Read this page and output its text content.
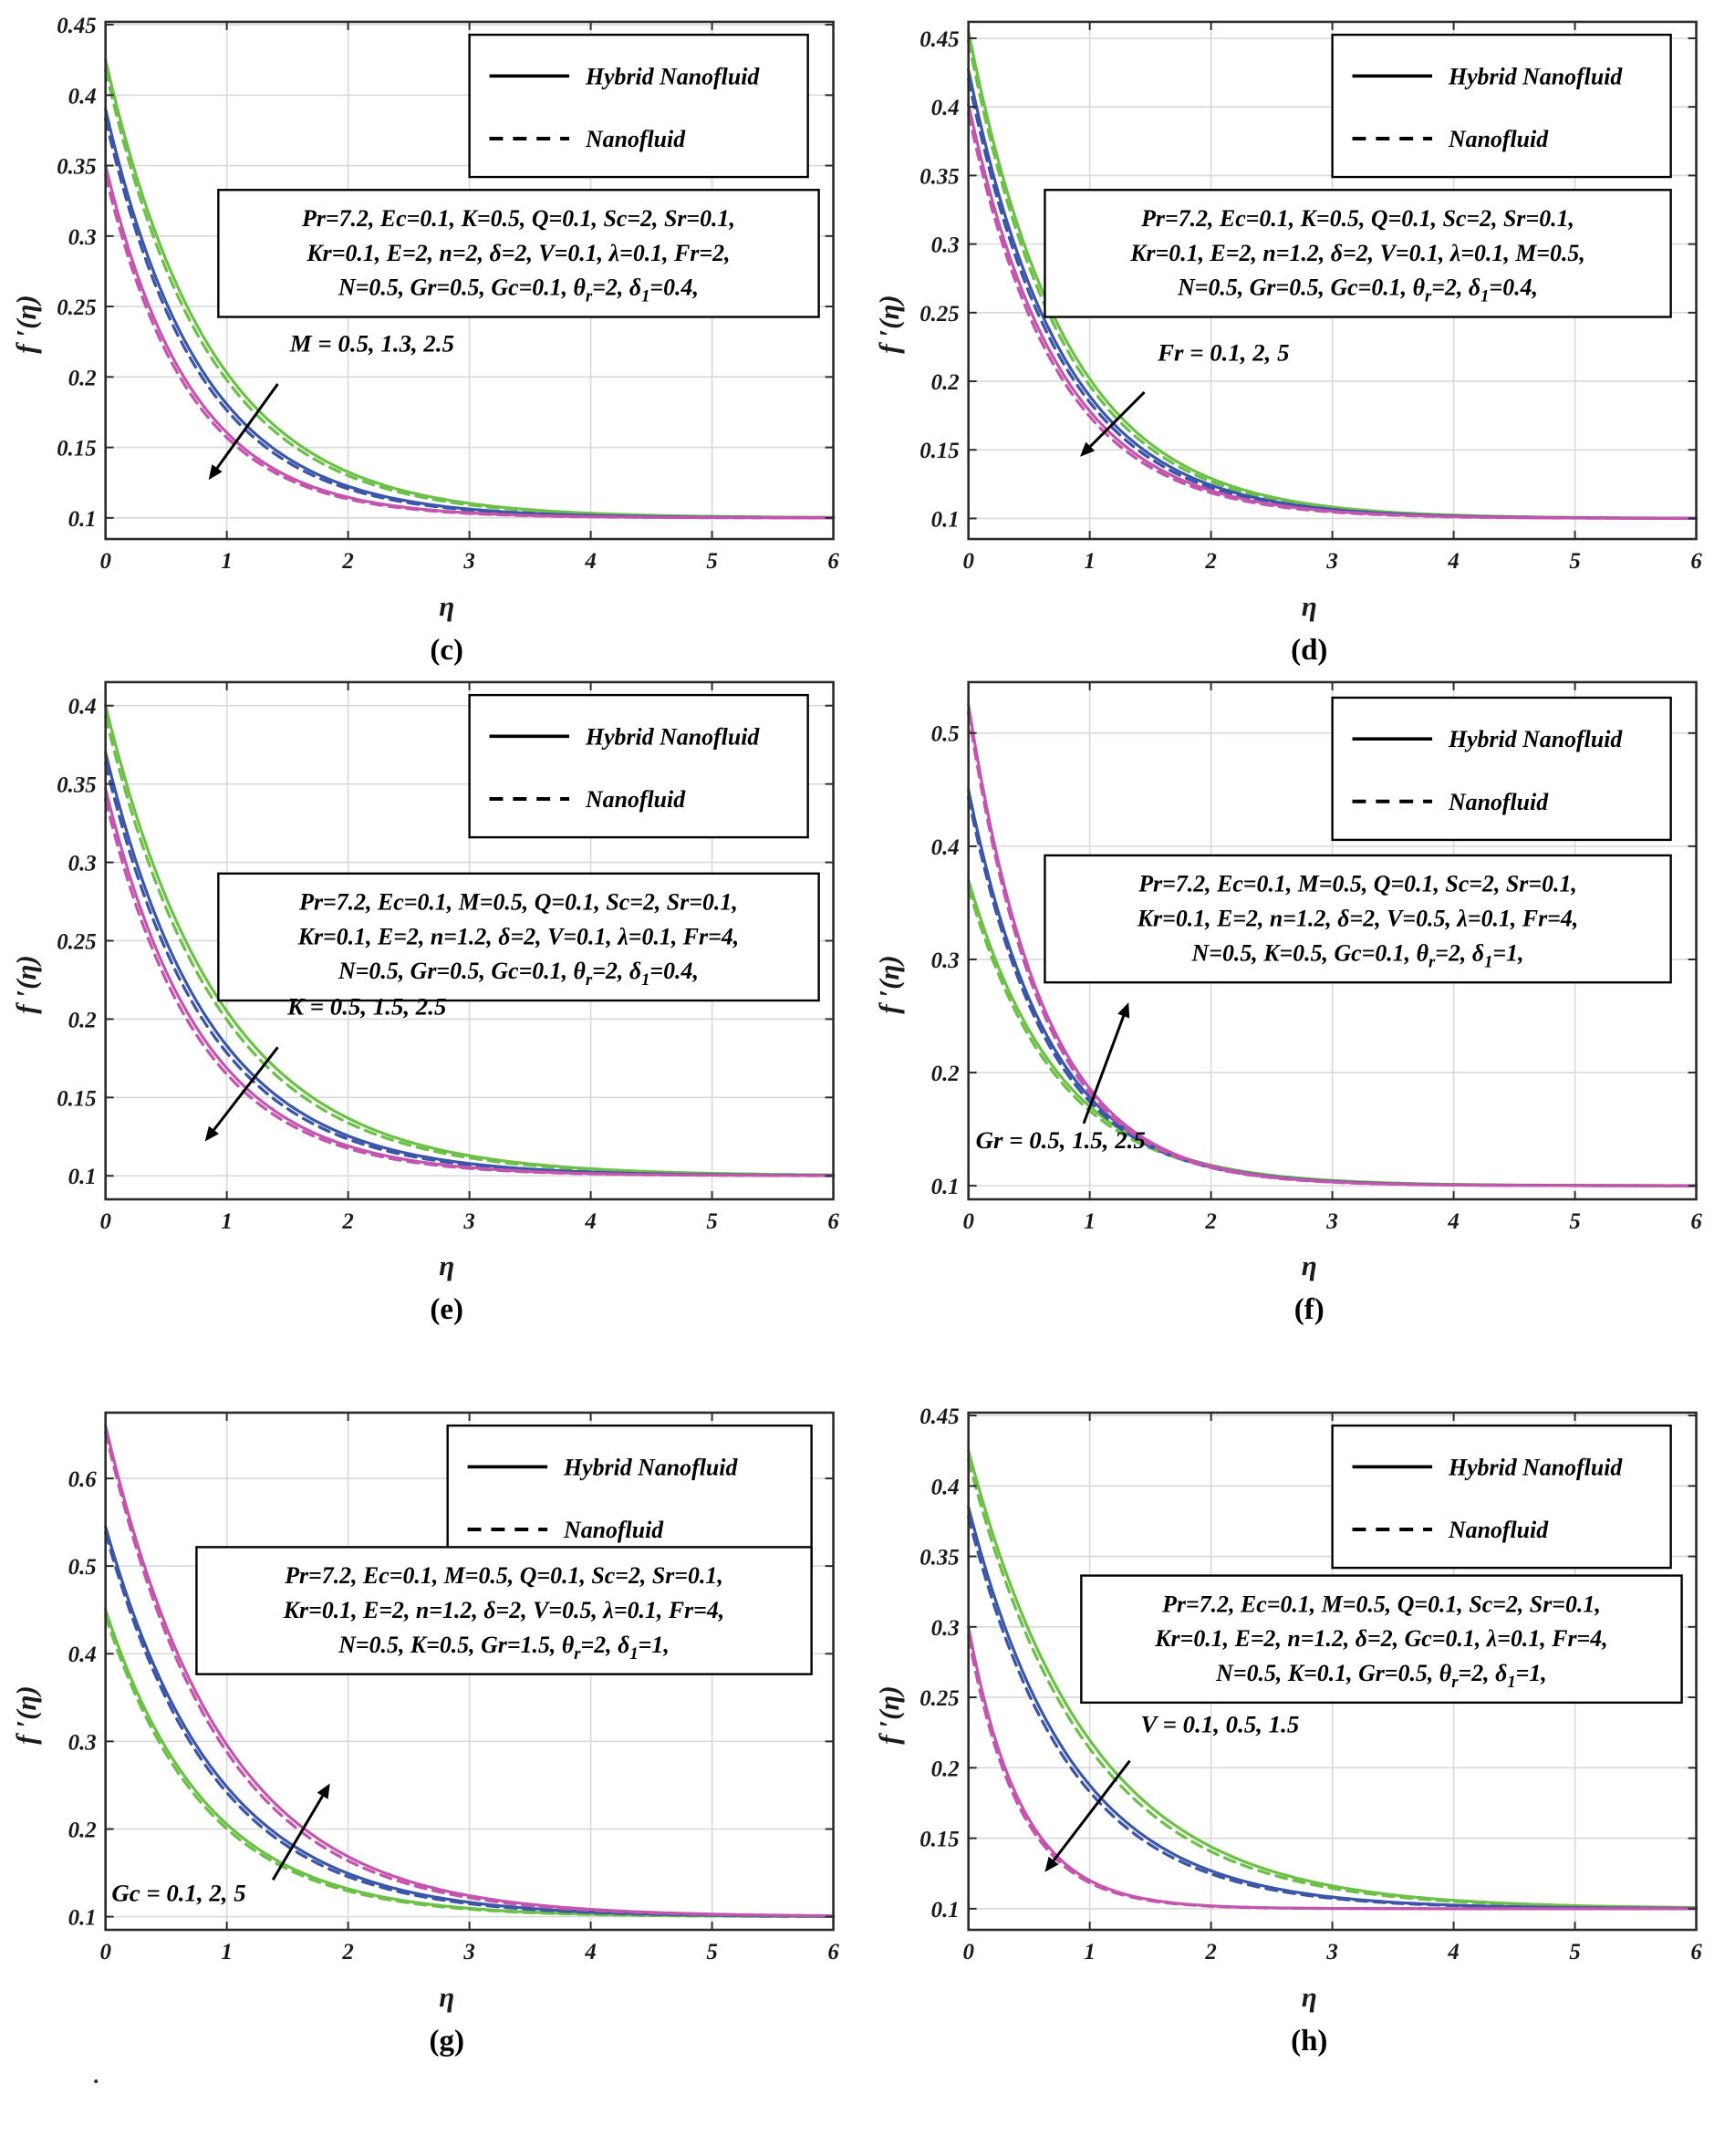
f ′(η)
0	1	2	3	4	5	6
0.1
0.15
0.2
0.25
0.3
0.35
0.4
0.45
Hybrid Nanofluid
Nanofluid
Pr=7.2, Ec=0.1, K=0.5, Q=0.1, Sc=2, Sr=0.1,
Kr=0.1, E=2, n=2, δ=2, V=0.1, λ=0.1, Fr=2,
N=0.5, Gr=0.5, Gc=0.1, $\theta_r=2$, $\delta_1=0.4$,
M = 0.5, 1.3, 2.5
η
(c)
f ′(η)
0	1	2	3	4	5	6
0.1
0.15
0.2
0.25
0.3
0.35
0.4
0.45
Hybrid Nanofluid
Nanofluid
Pr=7.2, Ec=0.1, K=0.5, Q=0.1, Sc=2, Sr=0.1,
Kr=0.1, E=2, n=1.2, δ=2, V=0.1, λ=0.1, M=0.5,
N=0.5, Gr=0.5, Gc=0.1, $\theta_r=2$, $\delta_1=0.4$,
Fr = 0.1, 2, 5
η
(d)
f ′(η)
0	1	2	3	4	5	6
0.1
0.15
0.2
0.25
0.3
0.35
0.4
Hybrid Nanofluid
Nanofluid
Pr=7.2, Ec=0.1, M=0.5, Q=0.1, Sc=2, Sr=0.1,
Kr=0.1, E=2, n=1.2, δ=2, V=0.1, λ=0.1, Fr=4,
N=0.5, Gr=0.5, Gc=0.1, $\theta_r=2$, $\delta_1=0.4$,
K = 0.5, 1.5, 2.5
η
(e)
f ′(η)
0	1	2	3	4	5	6
0.1
0.2
0.3
0.4
0.5	Hybrid Nanofluid
Nanofluid
Pr=7.2, Ec=0.1, M=0.5, Q=0.1, Sc=2, Sr=0.1,
Kr=0.1, E=2, n=1.2, δ=2, V=0.5, λ=0.1, Fr=4,
N=0.5, K=0.5, Gc=0.1, $\theta_r=2$, $\delta_1=1$,
Gr = 0.5, 1.5, 2.5
η
(f)
f ′(η)
0	1	2	3	4	5	6
0.1
0.2
0.3
0.4
0.5
0.6	Hybrid Nanofluid
Nanofluid
Pr=7.2, Ec=0.1, M=0.5, Q=0.1, Sc=2, Sr=0.1,
Kr=0.1, E=2, n=1.2, δ=2, V=0.5, λ=0.1, Fr=4,
N=0.5, K=0.5, Gr=1.5, $\theta_r=2$, $\delta_1=1$,
Gc = 0.1, 2, 5
η
(g)
f ′(η)
0	1	2	3	4	5	6
0.1
0.15
0.2
0.25
0.3
0.35
0.4
0.45
Hybrid Nanofluid
Nanofluid
Pr=7.2, Ec=0.1, M=0.5, Q=0.1, Sc=2, Sr=0.1,
Kr=0.1, E=2, n=1.2, δ=2, Gc=0.1, λ=0.1, Fr=4,
N=0.5, K=0.1, Gr=0.5, $\theta_r=2$, $\delta_1=1$,
V = 0.1, 0.5, 1.5
η
(h)
.
